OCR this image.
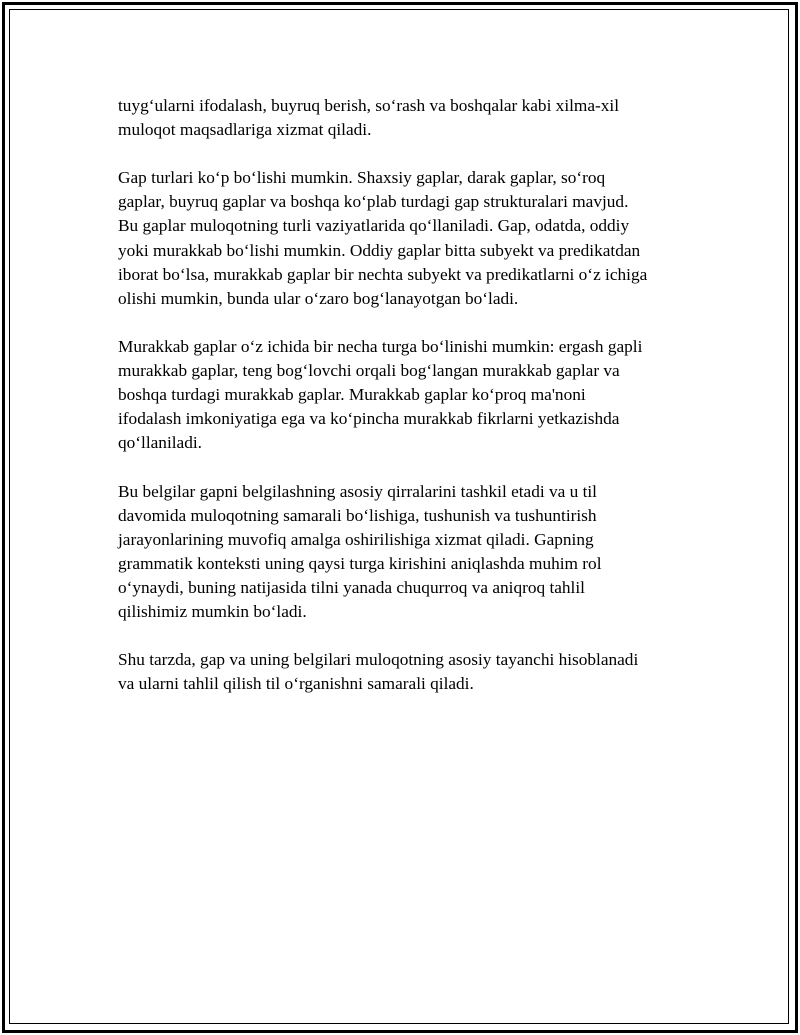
tuyg‘ularni ifodalash, buyruq berish, so‘rash va boshqalar kabi xilma-xil
muloqot maqsadlariga xizmat qiladi.

Gap turlari ko‘p bo‘lishi mumkin. Shaxsiy gaplar, darak gaplar, so‘roq
gaplar, buyruq gaplar va boshqa ko‘plab turdagi gap strukturalari mavjud.
Bu gaplar muloqotning turli vaziyatlarida qo‘llaniladi. Gap, odatda, oddiy
yoki murakkab bo‘lishi mumkin. Oddiy gaplar bitta subyekt va predikatdan
iborat bo‘lsa, murakkab gaplar bir nechta subyekt va predikatlarni o‘z ichiga
olishi mumkin, bunda ular o‘zaro bog‘lanayotgan bo‘ladi.

Murakkab gaplar o‘z ichida bir necha turga bo‘linishi mumkin: ergash gapli
murakkab gaplar, teng bog‘lovchi orqali bog‘langan murakkab gaplar va
boshqa turdagi murakkab gaplar. Murakkab gaplar ko‘proq ma'noni
ifodalash imkoniyatiga ega va ko‘pincha murakkab fikrlarni yetkazishda
qo‘llaniladi.

Bu belgilar gapni belgilashning asosiy qirralarini tashkil etadi va u til
davomida muloqotning samarali bo‘lishiga, tushunish va tushuntirish
jarayonlarining muvofiq amalga oshirilishiga xizmat qiladi. Gapning
grammatik konteksti uning qaysi turga kirishini aniqlashda muhim rol
o‘ynaydi, buning natijasida tilni yanada chuqurroq va aniqroq tahlil
qilishimiz mumkin bo‘ladi.

Shu tarzda, gap va uning belgilari muloqotning asosiy tayanchi hisoblanadi
va ularni tahlil qilish til o‘rganishni samarali qiladi.
